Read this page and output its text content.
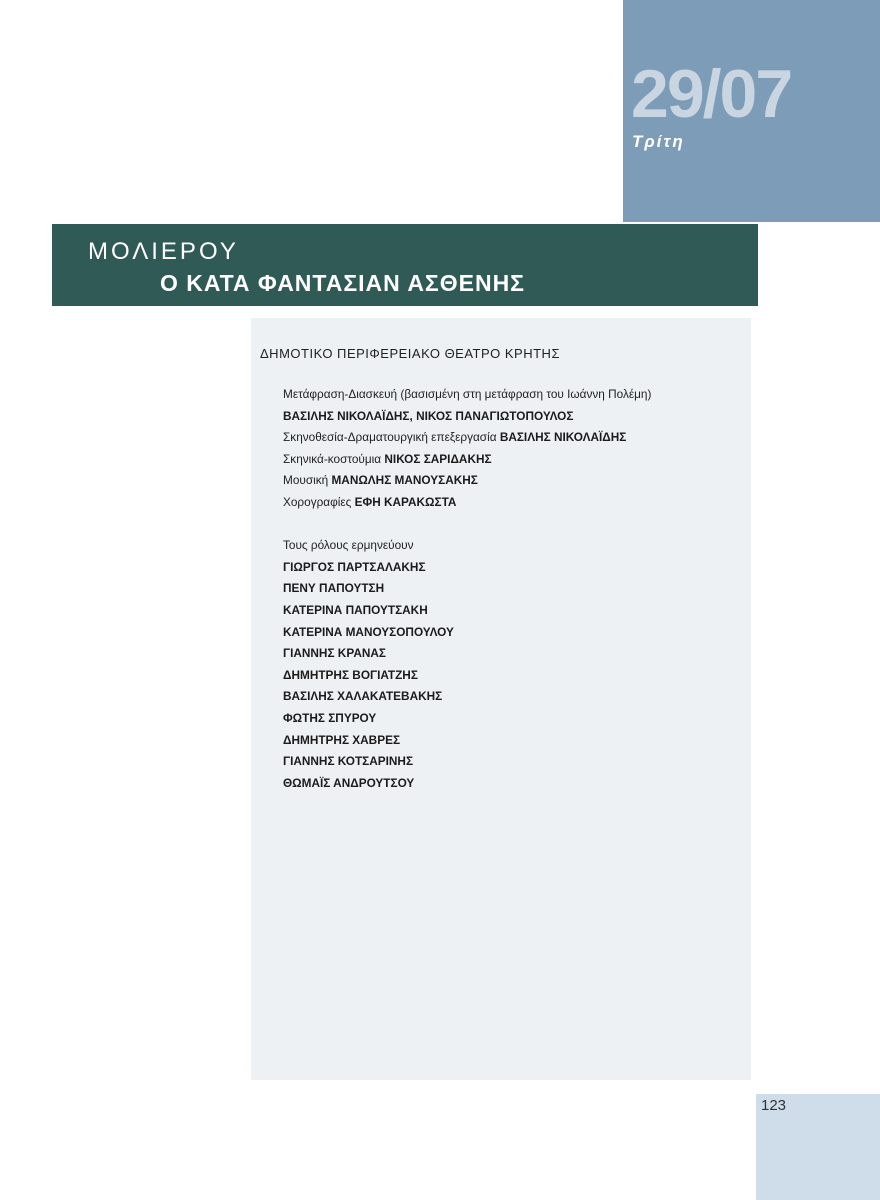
29/07
Τρίτη
ΜΟΛΙΕΡΟΥ
Ο ΚΑΤΑ ΦΑΝΤΑΣΙΑΝ ΑΣΘΕΝΗΣ
ΔΗΜΟΤΙΚΟ ΠΕΡΙΦΕΡΕΙΑΚΟ ΘΕΑΤΡΟ ΚΡΗΤΗΣ
Μετάφραση-Διασκευή (βασισμένη στη μετάφραση του Ιωάννη Πολέμη)
ΒΑΣΙΛΗΣ ΝΙΚΟΛΑΪΔΗΣ, ΝΙΚΟΣ ΠΑΝΑΓΙΩΤΟΠΟΥΛΟΣ
Σκηνοθεσία-Δραματουργική επεξεργασία ΒΑΣΙΛΗΣ ΝΙΚΟΛΑΪΔΗΣ
Σκηνικά-κοστούμια ΝΙΚΟΣ ΣΑΡΙΔΑΚΗΣ
Μουσική ΜΑΝΩΛΗΣ ΜΑΝΟΥΣΑΚΗΣ
Χορογραφίες ΕΦΗ ΚΑΡΑΚΩΣΤΑ
Τους ρόλους ερμηνεύουν
ΓΙΩΡΓΟΣ ΠΑΡΤΣΑΛΑΚΗΣ
ΠΕΝΥ ΠΑΠΟΥΤΣΗ
ΚΑΤΕΡΙΝΑ ΠΑΠΟΥΤΣΑΚΗ
ΚΑΤΕΡΙΝΑ ΜΑΝΟΥΣΟΠΟΥΛΟΥ
ΓΙΑΝΝΗΣ ΚΡΑΝΑΣ
ΔΗΜΗΤΡΗΣ ΒΟΓΙΑΤΖΗΣ
ΒΑΣΙΛΗΣ ΧΑΛΑΚΑΤΕΒΑΚΗΣ
ΦΩΤΗΣ ΣΠΥΡΟΥ
ΔΗΜΗΤΡΗΣ ΧΑΒΡΕΣ
ΓΙΑΝΝΗΣ ΚΟΤΣΑΡΙΝΗΣ
ΘΩΜΑΪΣ ΑΝΔΡΟΥΤΣΟΥ
123
